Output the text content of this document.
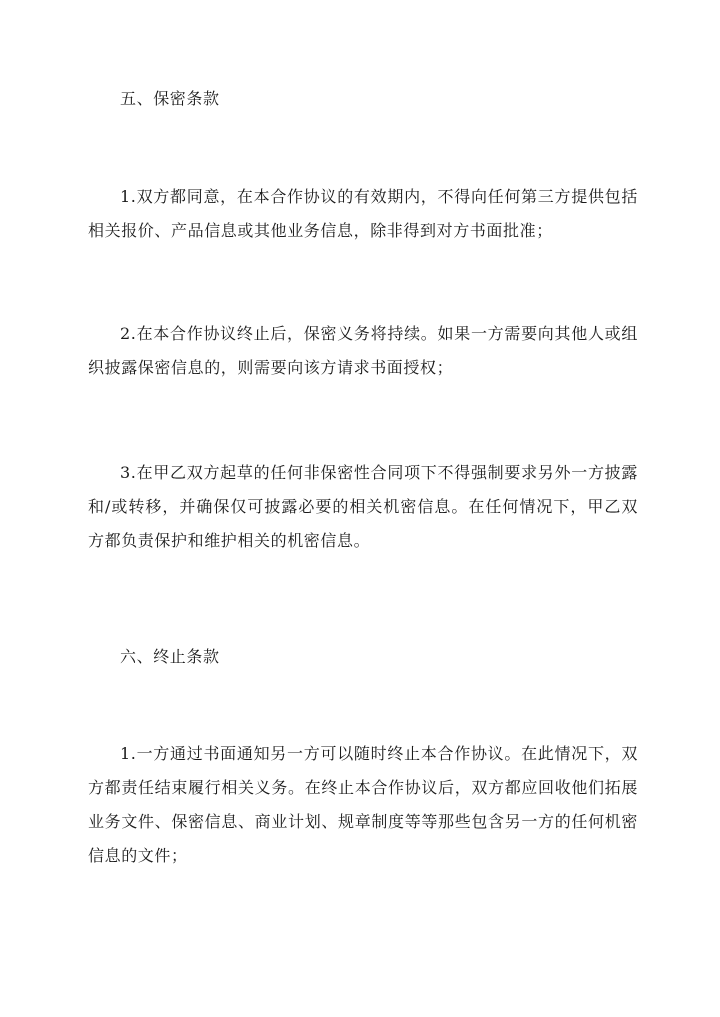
五、保密条款

1.双方都同意，在本合作协议的有效期内，不得向任何第三方提供包括相关报价、产品信息或其他业务信息，除非得到对方书面批准；

2.在本合作协议终止后，保密义务将持续。如果一方需要向其他人或组织披露保密信息的，则需要向该方请求书面授权；

3.在甲乙双方起草的任何非保密性合同项下不得强制要求另外一方披露和/或转移，并确保仅可披露必要的相关机密信息。在任何情况下，甲乙双方都负责保护和维护相关的机密信息。

六、终止条款

1.一方通过书面通知另一方可以随时终止本合作协议。在此情况下，双方都责任结束履行相关义务。在终止本合作协议后，双方都应回收他们拓展业务文件、保密信息、商业计划、规章制度等等那些包含另一方的任何机密信息的文件；
